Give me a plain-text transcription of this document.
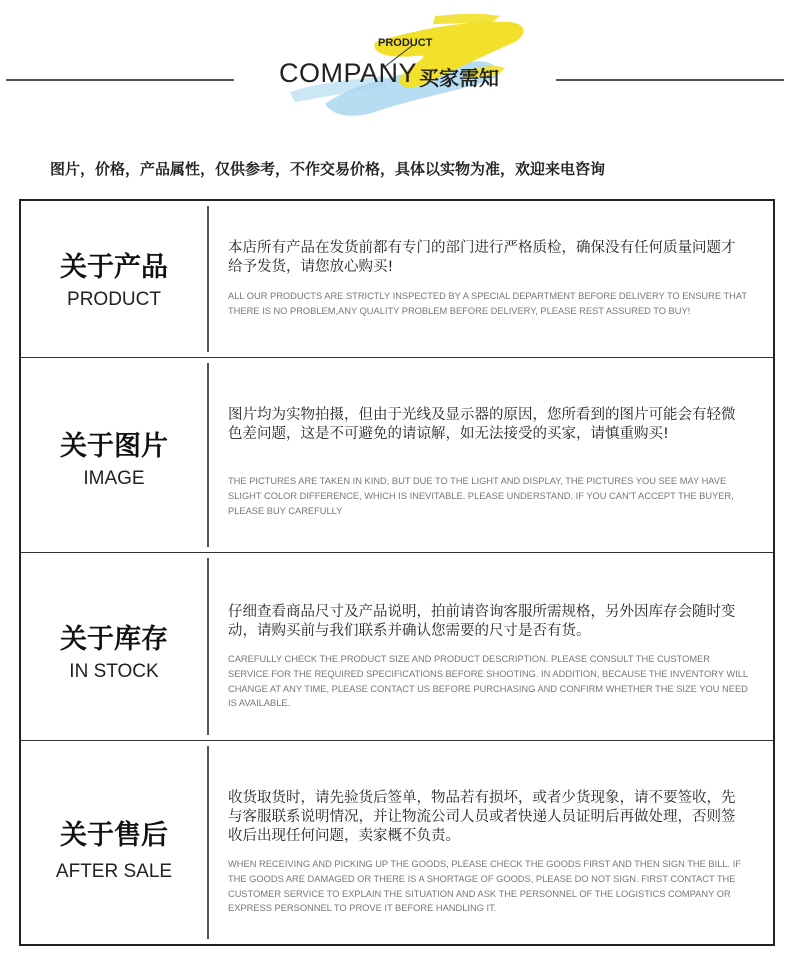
PRODUCT
COMPANY 买家需知
图片，价格，产品属性，仅供参考，不作交易价格，具体以实物为准，欢迎来电咨询
关于产品
PRODUCT
本店所有产品在发货前都有专门的部门进行严格质检，确保没有任何质量问题才给予发货，请您放心购买!
ALL OUR PRODUCTS ARE STRICTLY INSPECTED BY A SPECIAL DEPARTMENT BEFORE DELIVERY TO ENSURE THAT THERE IS NO PROBLEM,ANY QUALITY PROBLEM BEFORE DELIVERY, PLEASE REST ASSURED TO BUY!
关于图片
IMAGE
图片均为实物拍摄，但由于光线及显示器的原因，您所看到的图片可能会有轻微色差问题，这是不可避免的请谅解，如无法接受的买家，请慎重购买!
THE PICTURES ARE TAKEN IN KIND, BUT DUE TO THE LIGHT AND DISPLAY, THE PICTURES YOU SEE MAY HAVE SLIGHT COLOR DIFFERENCE, WHICH IS INEVITABLE. PLEASE UNDERSTAND. IF YOU CAN'T ACCEPT THE BUYER, PLEASE BUY CAREFULLY
关于库存
IN STOCK
仔细查看商品尺寸及产品说明，拍前请咨询客服所需规格，另外因库存会随时变动，请购买前与我们联系并确认您需要的尺寸是否有货。
CAREFULLY CHECK THE PRODUCT SIZE AND PRODUCT DESCRIPTION. PLEASE CONSULT THE CUSTOMER SERVICE FOR THE REQUIRED SPECIFICATIONS BEFORE SHOOTING. IN ADDITION, BECAUSE THE INVENTORY WILL CHANGE AT ANY TIME, PLEASE CONTACT US BEFORE PURCHASING AND CONFIRM WHETHER THE SIZE YOU NEED IS AVAILABLE.
关于售后
AFTER SALE
收货取货时，请先验货后签单，物品若有损坏，或者少货现象，请不要签收，先与客服联系说明情况，并让物流公司人员或者快递人员证明后再做处理，否则签收后出现任何问题，卖家概不负责。
WHEN RECEIVING AND PICKING UP THE GOODS, PLEASE CHECK THE GOODS FIRST AND THEN SIGN THE BILL. IF THE GOODS ARE DAMAGED OR THERE IS A SHORTAGE OF GOODS, PLEASE DO NOT SIGN. FIRST CONTACT THE CUSTOMER SERVICE TO EXPLAIN THE SITUATION AND ASK THE PERSONNEL OF THE LOGISTICS COMPANY OR EXPRESS PERSONNEL TO PROVE IT BEFORE HANDLING IT.
